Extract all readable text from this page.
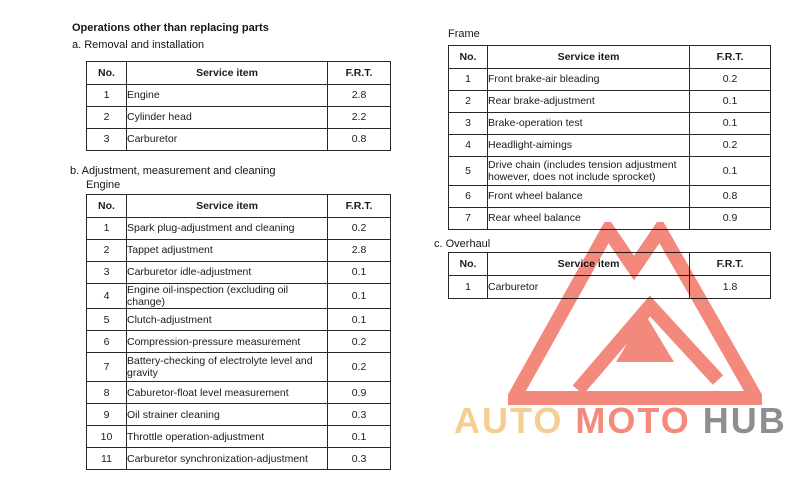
Operations other than replacing parts
a. Removal and installation
No.	Service item	F.R.T.
1	Engine	2.8
2	Cylinder head	2.2
3	Carburetor	0.8
b. Adjustment, measurement and cleaning
Engine
No.	Service item	F.R.T.
1	Spark plug-adjustment and cleaning	0.2
2	Tappet adjustment	2.8
3	Carburetor idle-adjustment	0.1
4	Engine oil-inspection (excluding oil change)	0.1
5	Clutch-adjustment	0.1
6	Compression-pressure measurement	0.2
7	Battery-checking of electrolyte level and gravity	0.2
8	Caburetor-float level measurement	0.9
9	Oil strainer cleaning	0.3
10	Throttle operation-adjustment	0.1
11	Carburetor synchronization-adjustment	0.3
Frame
No.	Service item	F.R.T.
1	Front brake-air bleading	0.2
2	Rear brake-adjustment	0.1
3	Brake-operation test	0.1
4	Headlight-aimings	0.2
5	Drive chain (includes tension adjustment however, does not include sprocket)	0.1
6	Front wheel balance	0.8
7	Rear wheel balance	0.9
c. Overhaul
No.	Service item	F.R.T.
1	Carburetor	1.8
AUTO MOTO HUB
